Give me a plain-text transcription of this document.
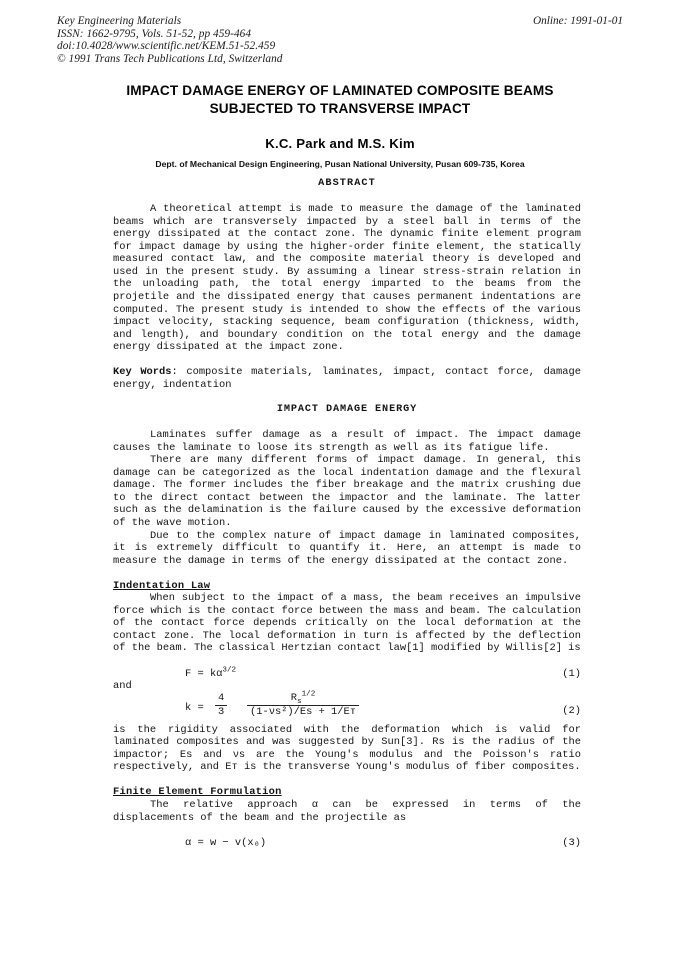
Key Engineering Materials
ISSN: 1662-9795, Vols. 51-52, pp 459-464
doi:10.4028/www.scientific.net/KEM.51-52.459
© 1991 Trans Tech Publications Ltd, Switzerland
Online: 1991-01-01
IMPACT DAMAGE ENERGY OF LAMINATED COMPOSITE BEAMS
SUBJECTED TO TRANSVERSE IMPACT
K.C. Park and M.S. Kim
Dept. of Mechanical Design Engineering, Pusan National University, Pusan 609-735, Korea
ABSTRACT

A theoretical attempt is made to measure the damage of the laminated beams which are transversely impacted by a steel ball in terms of the energy dissipated at the contact zone. The dynamic finite element program for impact damage by using the higher-order finite element, the statically measured contact law, and the composite material theory is developed and used in the present study. By assuming a linear stress-strain relation in the unloading path, the total energy imparted to the beams from the projetile and the dissipated energy that causes permanent indentations are computed. The present study is intended to show the effects of the various impact velocity, stacking sequence, beam configuration (thickness, width, and length), and boundary condition on the total energy and the damage energy dissipated at the impact zone.

Key Words: composite materials, laminates, impact, contact force, damage energy, indentation

IMPACT DAMAGE ENERGY

Laminates suffer damage as a result of impact. The impact damage causes the laminate to loose its strength as well as its fatigue life.

There are many different forms of impact damage. In general, this damage can be categorized as the local indentation damage and the flexural damage. The former includes the fiber breakage and the matrix crushing due to the direct contact between the impactor and the laminate. The latter such as the delamination is the failure caused by the excessive deformation of the wave motion.

Due to the complex nature of impact damage in laminated composites, it is extremely difficult to quantify it. Here, an attempt is made to measure the damage in terms of the energy dissipated at the contact zone.

Indentation Law

When subject to the impact of a mass, the beam receives an impulsive force which is the contact force between the mass and beam. The calculation of the contact force depends critically on the local deformation at the contact zone. The local deformation in turn is affected by the deflection of the beam. The classical Hertzian contact law[1] modified by Willis[2] is

$F = k\alpha^{3/2}$	(1)

and

$k = \frac{4}{3} \frac{R_s^{1/2}}{\text{(1-νs²)/Es + 1/Eᴛ}}$	(2)

is the rigidity associated with the deformation which is valid for laminated composites and was suggested by Sun[3]. Rs is the radius of the impactor; Es and νs are the Young's modulus and the Poisson's ratio respectively, and Eᴛ is the transverse Young's modulus of fiber composites.

Finite Element Formulation

The relative approach α can be expressed in terms of the displacements of the beam and the projectile as

α = w − v(x₀)	(3)
